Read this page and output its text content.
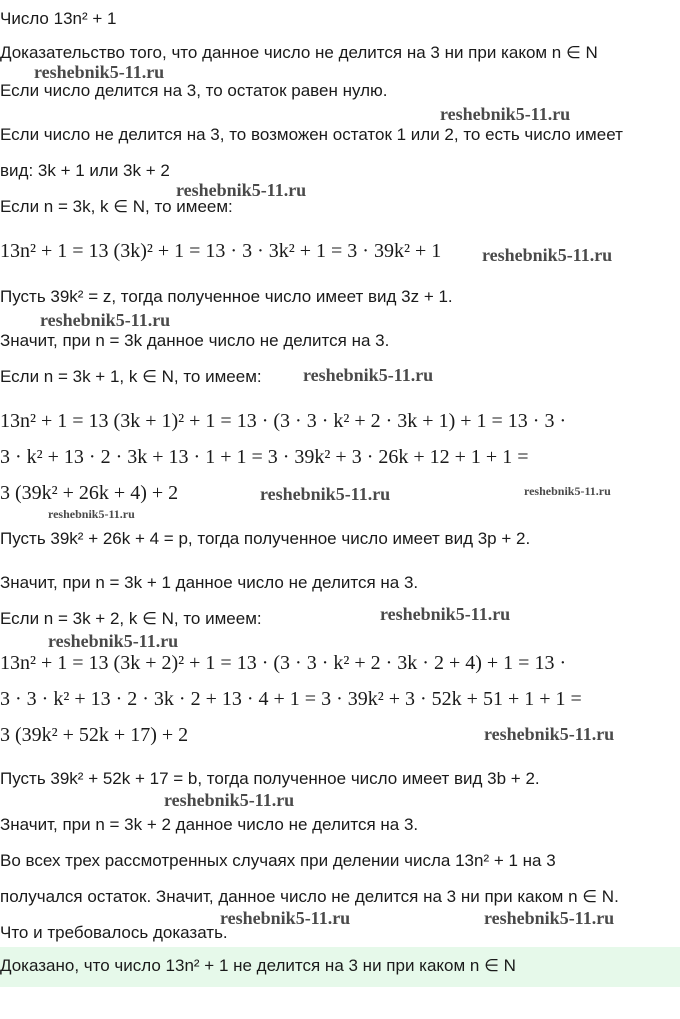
Число 13n² + 1
Доказательство того, что данное число не делится на 3 ни при каком n ∈ N
Если число делится на 3, то остаток равен нулю.
Если число не делится на 3, то возможен остаток 1 или 2, то есть число имеет
вид: 3k + 1 или 3k + 2
Если n = 3k, k ∈ N, то имеем:
13n² + 1 = 13 (3k)² + 1 = 13 · 3 · 3k² + 1 = 3 · 39k² + 1
Пусть 39k² = z, тогда полученное число имеет вид 3z + 1.
Значит, при n = 3k данное число не делится на 3.
Если n = 3k + 1, k ∈ N, то имеем:
13n² + 1 = 13 (3k + 1)² + 1 = 13 · (3 · 3 · k² + 2 · 3k + 1) + 1 = 13 · 3 ·
3 · k² + 13 · 2 · 3k + 13 · 1 + 1 = 3 · 39k² + 3 · 26k + 12 + 1 + 1 =
3 (39k² + 26k + 4) + 2
Пусть 39k² + 26k + 4 = p, тогда полученное число имеет вид 3p + 2.
Значит, при n = 3k + 1 данное число не делится на 3.
Если n = 3k + 2, k ∈ N, то имеем:
13n² + 1 = 13 (3k + 2)² + 1 = 13 · (3 · 3 · k² + 2 · 3k · 2 + 4) + 1 = 13 ·
3 · 3 · k² + 13 · 2 · 3k · 2 + 13 · 4 + 1 = 3 · 39k² + 3 · 52k + 51 + 1 + 1 =
3 (39k² + 52k + 17) + 2
Пусть 39k² + 52k + 17 = b, тогда полученное число имеет вид 3b + 2.
Значит, при n = 3k + 2 данное число не делится на 3.
Во всех трех рассмотренных случаях при делении числа 13n² + 1 на 3
получался остаток. Значит, данное число не делится на 3 ни при каком n ∈ N.
Что и требовалось доказать.
Доказано, что число 13n² + 1 не делится на 3 ни при каком n ∈ N
reshebnik5-11.ru
reshebnik5-11.ru
reshebnik5-11.ru
reshebnik5-11.ru
reshebnik5-11.ru
reshebnik5-11.ru
reshebnik5-11.ru	reshebnik5-11.ru
reshebnik5-11.ru
reshebnik5-11.ru
reshebnik5-11.ru
reshebnik5-11.ru
reshebnik5-11.ru
reshebnik5-11.ru	reshebnik5-11.ru
